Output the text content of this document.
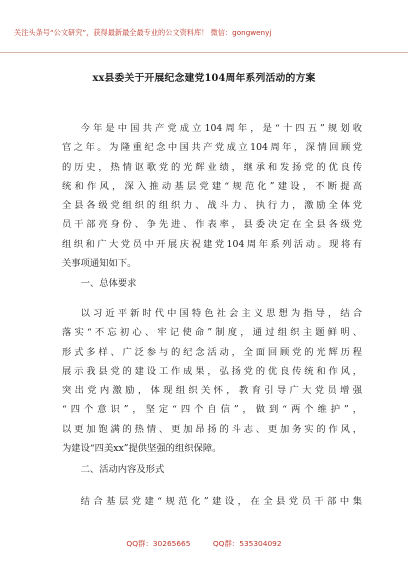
关注头条号“公文研究”，获得最新最全最专业的公文资料库！ 微信：gongwenyj
xx县委关于开展纪念建党104周年系列活动的方案
今年是中国共产党成立104周年，是“十四五”规划收
官之年。为隆重纪念中国共产党成立104周年，深情回顾党
的历史，热情讴歌党的光辉业绩，继承和发扬党的优良传
统和作风，深入推动基层党建“规范化”建设，不断提高
全县各级党组织的组织力、战斗力、执行力，激励全体党
员干部亮身份、争先进、作表率，县委决定在全县各级党
组织和广大党员中开展庆祝建党104周年系列活动。现将有
关事项通知如下。
一、总体要求
以习近平新时代中国特色社会主义思想为指导，结合
落实“不忘初心、牢记使命”制度，通过组织主题鲜明、
形式多样、广泛参与的纪念活动，全面回顾党的光辉历程
展示我县党的建设工作成果，弘扬党的优良传统和作风，
突出党内激励，体现组织关怀，教育引导广大党员增强
“四个意识”，坚定“四个自信”，做到“两个维护”，
以更加饱满的热情、更加昂扬的斗志、更加务实的作风，
为建设“四美xx”提供坚强的组织保障。
二、活动内容及形式
结合基层党建“规范化”建设，在全县党员干部中集
QQ群：30265665	QQ群：535304092
